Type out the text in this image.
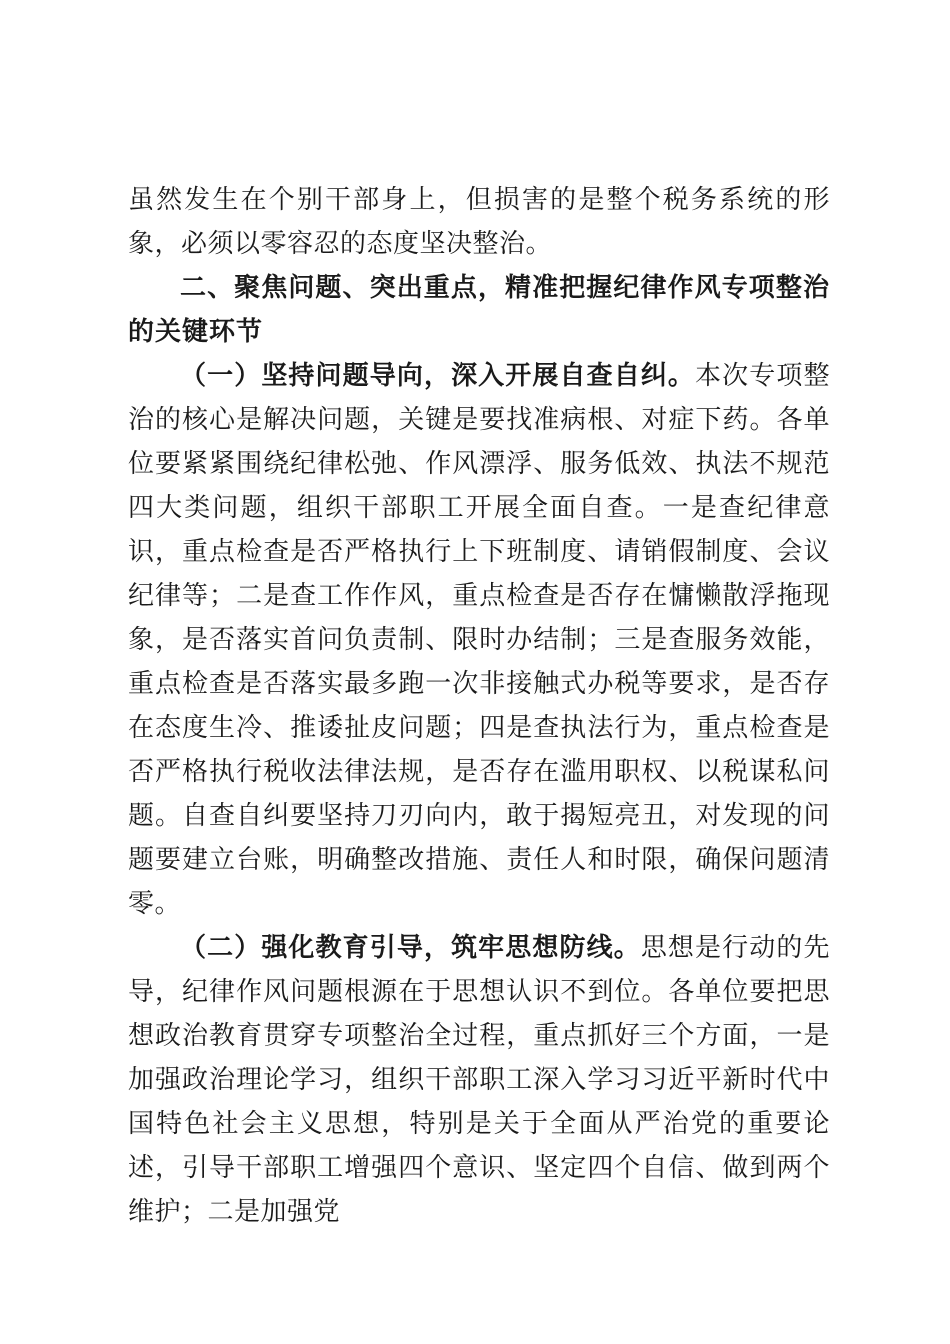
虽然发生在个别干部身上，但损害的是整个税务系统的形象，必须以零容忍的态度坚决整治。

二、聚焦问题、突出重点，精准把握纪律作风专项整治的关键环节

（一）坚持问题导向，深入开展自查自纠。本次专项整治的核心是解决问题，关键是要找准病根、对症下药。各单位要紧紧围绕纪律松弛、作风漂浮、服务低效、执法不规范四大类问题，组织干部职工开展全面自查。一是查纪律意识，重点检查是否严格执行上下班制度、请销假制度、会议纪律等；二是查工作作风，重点检查是否存在慵懒散浮拖现象，是否落实首问负责制、限时办结制；三是查服务效能，重点检查是否落实最多跑一次非接触式办税等要求，是否存在态度生冷、推诿扯皮问题；四是查执法行为，重点检查是否严格执行税收法律法规，是否存在滥用职权、以税谋私问题。自查自纠要坚持刀刃向内，敢于揭短亮丑，对发现的问题要建立台账，明确整改措施、责任人和时限，确保问题清零。

（二）强化教育引导，筑牢思想防线。思想是行动的先导，纪律作风问题根源在于思想认识不到位。各单位要把思想政治教育贯穿专项整治全过程，重点抓好三个方面，一是加强政治理论学习，组织干部职工深入学习习近平新时代中国特色社会主义思想，特别是关于全面从严治党的重要论述，引导干部职工增强四个意识、坚定四个自信、做到两个维护；二是加强党
